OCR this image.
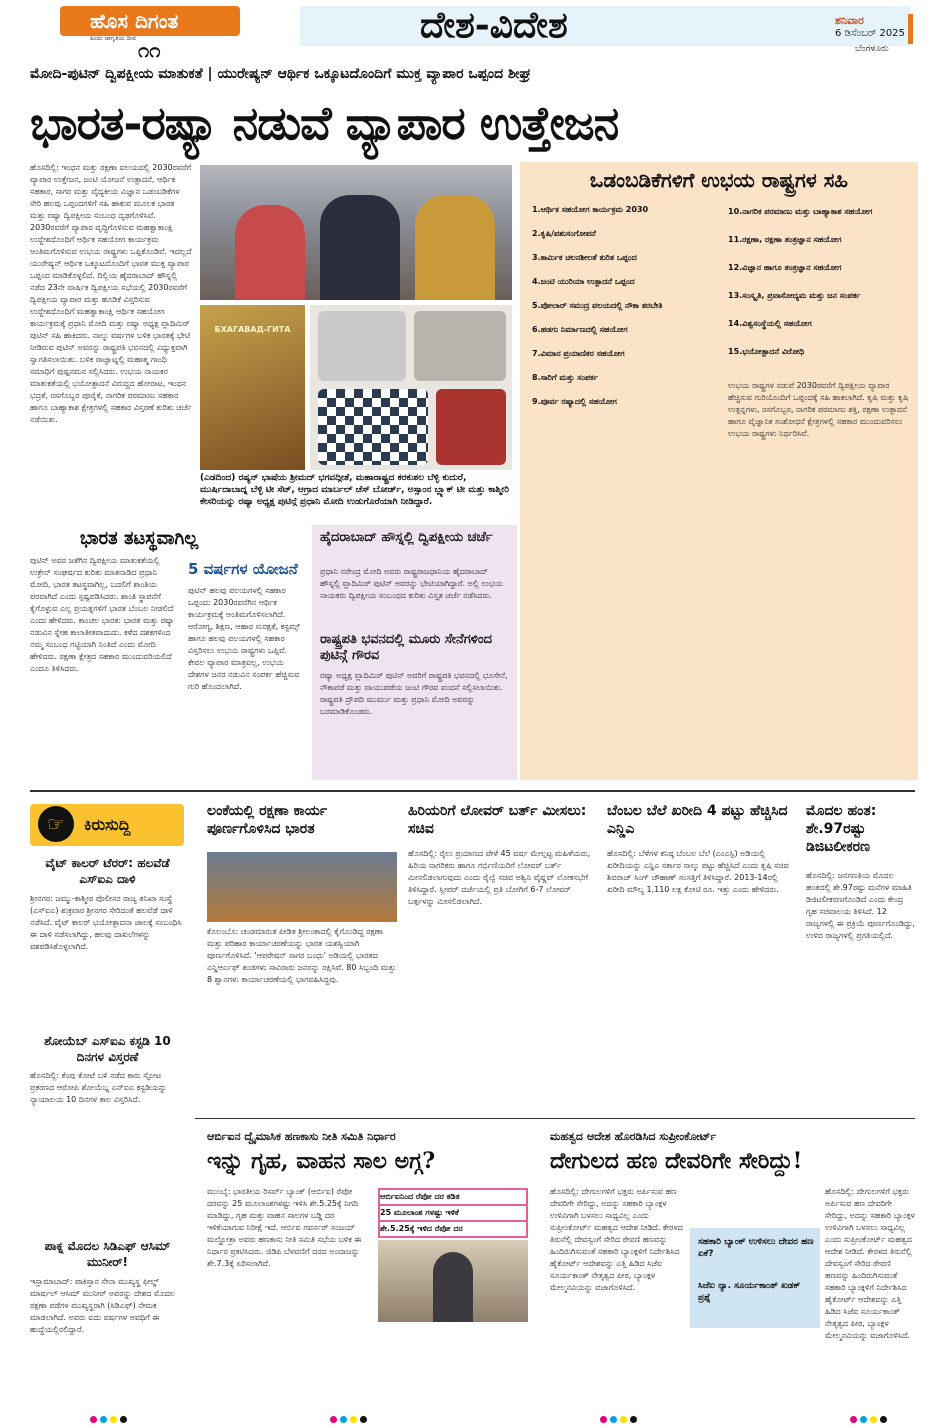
ಹೊಸ ದಿಗಂತ
ಹಿಂದು ಜಾಗೃತಿಯ ದೀಪ ೧೧
ದೇಶ-ವಿದೇಶ	ಶನಿವಾರ
6 ಡಿಸೆಂಬರ್ 2025
ಬೆಂಗಳೂರು
ಮೋದಿ-ಪುಟಿನ್ ದ್ವಿಪಕ್ಷೀಯ ಮಾತುಕತೆ | ಯುರೇಷ್ಯನ್ ಆರ್ಥಿಕ ಒಕ್ಕೂಟದೊಂದಿಗೆ ಮುಕ್ತ ವ್ಯಾಪಾರ ಒಪ್ಪಂದ ಶೀಘ್ರ
ಭಾರತ-ರಷ್ಯಾ ನಡುವೆ ವ್ಯಾಪಾರ ಉತ್ತೇಜನ
ಹೊಸದಿಲ್ಲಿ: ಇಂಧನ ಮತ್ತು ರಕ್ಷಣಾ ವಲಯದಲ್ಲಿ 2030ರವರೆಗೆ ವ್ಯಾಪಾರ ಉತ್ತೇಜನ, ಜಂಟಿ ಯೋಜನೆ ಉತ್ಪಾದನೆ, ಆರ್ಥಿಕ ಸಹಕಾರ, ಸಾಗರ ಮತ್ತು ವೈದ್ಯಕೀಯ ವಿಜ್ಞಾನ ಒಡಂಬಡಿಕೆಗಳ ಸೇರಿ ಹಲವು ಒಪ್ಪಂದಗಳಿಗೆ ಸಹಿ ಹಾಕುವ ಮೂಲಕ ಭಾರತ ಮತ್ತು ರಷ್ಯಾ ದ್ವಿಪಕ್ಷೀಯ ಸಂಬಂಧ ದೃಢಗೊಳಿಸಿವೆ. 2030ರವರೆಗೆ ವ್ಯಾಪಾರ ವೃದ್ಧಿಗೊಳಿಸುವ ಮಹತ್ವಾಕಾಂಕ್ಷಿ ಉದ್ದೇಶದೊಂದಿಗೆ ಆರ್ಥಿಕ ಸಹಯೋಗ ಕಾರ್ಯಕ್ರಮ ಅಂತಿಮಗೊಳಿಸುವ ಉಭಯ ರಾಷ್ಟ್ರಗಳು ಒಪ್ಪಿಕೊಂಡಿವೆ. ಇದಲ್ಲದೆ ಯುರೇಷ್ಯನ್ ಆರ್ಥಿಕ ಒಕ್ಕೂಟದೊಂದಿಗೆ ಭಾರತ ಮುಕ್ತ ವ್ಯಾಪಾರ ಒಪ್ಪಂದ ಮಾಡಿಕೊಳ್ಳಲಿದೆ. ದಿಲ್ಲಿಯ ಹೈದರಾಬಾದ್ ಹೌಸ್ನಲ್ಲಿ ನಡೆದ 23ನೇ ವಾರ್ಷಿಕ ದ್ವಿಪಕ್ಷೀಯ ಸಭೆಯಲ್ಲಿ 2030ರವರೆಗೆ ದ್ವಿಪಕ್ಷೀಯ ವ್ಯಾಪಾರ ಮತ್ತು ಹೂಡಿಕೆ ವಿಸ್ತರಿಸುವ ಉದ್ದೇಶದೊಂದಿಗೆ ಮಹತ್ವಾಕಾಂಕ್ಷಿ ಆರ್ಥಿಕ ಸಹಯೋಗ ಕಾರ್ಯಕ್ರಮಕ್ಕೆ ಪ್ರಧಾನಿ ಮೋದಿ ಮತ್ತು ರಷ್ಯಾ ಅಧ್ಯಕ್ಷ ವ್ಲಾದಿಮಿರ್ ಪುಟಿನ್ ಸಹಿ ಹಾಕಿದರು. ನಾಲ್ಕು ವರ್ಷಗಳ ಬಳಿಕ ಭಾರತಕ್ಕೆ ಭೇಟಿ ನೀಡಿರುವ ಪುಟಿನ್ ಅವರನ್ನು ರಾಷ್ಟ್ರಪತಿ ಭವನದಲ್ಲಿ ವಿಧ್ಯುಕ್ತವಾಗಿ ಸ್ವಾಗತಿಸಲಾಯಿತು. ಬಳಿಕ ರಾಜ್ಘಾಟ್ನಲ್ಲಿ ಮಹಾತ್ಮ ಗಾಂಧಿ ಸಮಾಧಿಗೆ ಪುಷ್ಪನಮನ ಸಲ್ಲಿಸಿದರು. ಉಭಯ ನಾಯಕರ ಮಾತುಕತೆಯಲ್ಲಿ ಭಯೋತ್ಪಾದನೆ ವಿರುದ್ಧದ ಹೋರಾಟ, ಇಂಧನ ಭದ್ರತೆ, ರಸಗೊಬ್ಬರ ಪೂರೈಕೆ, ನಾಗರಿಕ ಪರಮಾಣು ಸಹಕಾರ ಹಾಗೂ ಬಾಹ್ಯಾಕಾಶ ಕ್ಷೇತ್ರಗಳಲ್ಲಿ ಸಹಕಾರ ವಿಸ್ತರಣೆ ಕುರಿತು ಚರ್ಚೆ ನಡೆಯಿತು.
БХАГАВАД-ГИТА
(ಎಡದಿಂದ) ರಷ್ಯನ್ ಭಾಷೆಯ ಶ್ರೀಮದ್ ಭಗವದ್ಗೀತೆ, ಮಹಾರಾಷ್ಟ್ರದ ಕರಕುಶಲ ಬೆಳ್ಳಿ ಕುದುರೆ, ಮುರ್ಷಿದಾಬಾದ್ನ ಬೆಳ್ಳಿ ಟೀ ಸೆಟ್, ಆಗ್ರಾದ ಮಾರ್ಬಲ್ ಚೆಸ್ ಬೋರ್ಡ್, ಅಸ್ಸಾಂನ ಬ್ಲ್ಯಾಕ್ ಟೀ ಮತ್ತು ಕಾಶ್ಮೀರಿ ಕೇಸರಿಯನ್ನು ರಷ್ಯಾ ಅಧ್ಯಕ್ಷ ಪುಟಿನ್ಗೆ ಪ್ರಧಾನಿ ಮೋದಿ ಉಡುಗೊರೆಯಾಗಿ ನೀಡಿದ್ದಾರೆ.
ಒಡಂಬಡಿಕೆಗಳಿಗೆ ಉಭಯ ರಾಷ್ಟ್ರಗಳ ಸಹಿ
1.ಆರ್ಥಿಕ ಸಹಯೋಗ ಕಾರ್ಯಕ್ರಮ 2030
2.ಕೃಷಿ/ಪಶುಸಂಗೋಪನೆ
3.ಕಾರ್ಮಿಕ ಚಲನಶೀಲತೆ ಕುರಿತ ಒಪ್ಪಂದ
4.ಜಂಟಿ ಯುರಿಯಾ ಉತ್ಪಾದನೆ ಒಪ್ಪಂದ
5.ಪೋಲಾರ್ ಸಮುದ್ರ ವಲಯದಲ್ಲಿ ನೌಕಾ ತರಬೇತಿ
6.ಹಡಗು ನಿರ್ಮಾಣದಲ್ಲಿ ಸಹಯೋಗ
7.ವಿಮಾನ ಪ್ರಯಾಣಿಕರ ಸಹಯೋಗ
8.ಸಾರಿಗೆ ಮತ್ತು ಸಂಪರ್ಕ
9.ಪೂರ್ವ ರಷ್ಯಾದಲ್ಲಿ ಸಹಯೋಗ
10.ನಾಗರಿಕ ಪರಮಾಣು ಮತ್ತು ಬಾಹ್ಯಾಕಾಶ ಸಹಯೋಗ
11.ರಕ್ಷಣಾ, ರಕ್ಷಣಾ ತಂತ್ರಜ್ಞಾನ ಸಹಯೋಗ
12.ವಿಜ್ಞಾನ ಹಾಗೂ ತಂತ್ರಜ್ಞಾನ ಸಹಯೋಗ
13.ಸಂಸ್ಕೃತಿ, ಪ್ರವಾಸೋದ್ಯಮ ಮತ್ತು ಜನ ಸಂಪರ್ಕ
14.ವಿಶ್ವಸಂಸ್ಥೆಯಲ್ಲಿ ಸಹಯೋಗ
15.ಭಯೋತ್ಪಾದನೆ ವಿರೋಧಿ
ಉಭಯ ರಾಷ್ಟ್ರಗಳ ನಡುವೆ 2030ರವರೆಗೆ ದ್ವಿಪಕ್ಷೀಯ ವ್ಯಾಪಾರ ಹೆಚ್ಚಿಸುವ ಗುರಿಯೊಂದಿಗೆ ಒಪ್ಪಂದಕ್ಕೆ ಸಹಿ ಹಾಕಲಾಗಿದೆ. ಕೃಷಿ ಮತ್ತು ಕೃಷಿ ಉತ್ಪನ್ನಗಳು, ರಸಗೊಬ್ಬರ, ನಾಗರಿಕ ಪರಮಾಣು ಶಕ್ತಿ, ರಕ್ಷಣಾ ಉತ್ಪಾದನೆ ಹಾಗೂ ವೈಜ್ಞಾನಿಕ ಸಂಶೋಧನೆ ಕ್ಷೇತ್ರಗಳಲ್ಲಿ ಸಹಕಾರ ಮುಂದುವರಿಸಲು ಉಭಯ ರಾಷ್ಟ್ರಗಳು ನಿರ್ಧರಿಸಿವೆ.
ಭಾರತ ತಟಸ್ಥವಾಗಿಲ್ಲ
ಪುಟಿನ್ ಅವರ ಜತೆಗಿನ ದ್ವಿಪಕ್ಷೀಯ ಮಾತುಕತೆಯಲ್ಲಿ ಉಕ್ರೇನ್ ಸಂಘರ್ಷದ ಕುರಿತು ಮಾತನಾಡಿದ ಪ್ರಧಾನಿ ಮೋದಿ, ಭಾರತ ತಟಸ್ಥವಾಗಿಲ್ಲ, ಬದಲಿಗೆ ಶಾಂತಿಯ ಪರವಾಗಿದೆ ಎಂದು ಸ್ಪಷ್ಟಪಡಿಸಿದರು. ಶಾಂತಿ ಸ್ಥಾಪನೆಗೆ ಕೈಗೊಳ್ಳುವ ಎಲ್ಲ ಪ್ರಯತ್ನಗಳಿಗೆ ಭಾರತ ಬೆಂಬಲ ನೀಡಲಿದೆ ಎಂದು ಹೇಳಿದರು. ಕಾಂಚಲ ಭಾರತ: ಭಾರತ ಮತ್ತು ರಷ್ಯಾ ನಡುವಿನ ಸ್ನೇಹ ಕಾಲಾತೀತವಾದುದು. ಕಳೆದ ದಶಕಗಳಿಂದ ನಮ್ಮ ಸಂಬಂಧ ಗಟ್ಟಿಯಾಗಿ ನಿಂತಿದೆ ಎಂದು ಮೋದಿ ಹೇಳಿದರು. ರಕ್ಷಣಾ ಕ್ಷೇತ್ರದ ಸಹಕಾರ ಮುಂದುವರಿಯಲಿದೆ ಎಂದೂ ತಿಳಿಸಿದರು.
5 ವರ್ಷಗಳ ಯೋಜನೆ
ಪುಟಿನ್ ಹಲವು ವಲಯಗಳಲ್ಲಿ ಸಹಕಾರ ಒಪ್ಪಂದ: 2030ರವರೆಗಿನ ಆರ್ಥಿಕ ಕಾರ್ಯಕ್ರಮಕ್ಕೆ ಅಂತಿಮಗೊಳಿಸಲಾಗಿದೆ. ಆರೋಗ್ಯ, ಶಿಕ್ಷಣ, ಆಹಾರ ಸುರಕ್ಷತೆ, ಕಸ್ಟಮ್ಸ್ ಹಾಗೂ ಹಲವು ವಲಯಗಳಲ್ಲಿ ಸಹಕಾರ ವಿಸ್ತರಿಸಲು ಉಭಯ ರಾಷ್ಟ್ರಗಳು ಒಪ್ಪಿವೆ. ಕೇವಲ ವ್ಯಾಪಾರ ಮಾತ್ರವಲ್ಲ, ಉಭಯ ದೇಶಗಳ ಜನರ ನಡುವಿನ ಸಂಪರ್ಕ ಹೆಚ್ಚಿಸುವ ಗುರಿ ಹೊಂದಲಾಗಿದೆ.
ಹೈದರಾಬಾದ್ ಹೌಸ್ನಲ್ಲಿ ದ್ವಿಪಕ್ಷೀಯ ಚರ್ಚೆ
ಪ್ರಧಾನಿ ನರೇಂದ್ರ ಮೋದಿ ಅವರು ರಾಷ್ಟ್ರರಾಜಧಾನಿಯ ಹೈದರಾಬಾದ್ ಹೌಸ್ನಲ್ಲಿ ವ್ಲಾದಿಮಿರ್ ಪುಟಿನ್ ಅವರನ್ನು ಭೇಟಿಯಾಗಿದ್ದಾರೆ. ಅಲ್ಲಿ ಉಭಯ ನಾಯಕರು ದ್ವಿಪಕ್ಷೀಯ ಸಂಬಂಧದ ಕುರಿತು ವಿಸ್ತೃತ ಚರ್ಚೆ ನಡೆಸಿದರು.
ರಾಷ್ಟ್ರಪತಿ ಭವನದಲ್ಲಿ ಮೂರು ಸೇನೆಗಳಿಂದ ಪುಟಿನ್ಗೆ ಗೌರವ
ರಷ್ಯಾ ಅಧ್ಯಕ್ಷ ವ್ಲಾದಿಮಿರ್ ಪುಟಿನ್ ಅವರಿಗೆ ರಾಷ್ಟ್ರಪತಿ ಭವನದಲ್ಲಿ ಭೂಸೇನೆ, ನೌಕಾಪಡೆ ಮತ್ತು ವಾಯುಪಡೆಯ ಜಂಟಿ ಗೌರವ ವಂದನೆ ಸಲ್ಲಿಸಲಾಯಿತು. ರಾಷ್ಟ್ರಪತಿ ದ್ರೌಪದಿ ಮುರ್ಮು ಮತ್ತು ಪ್ರಧಾನಿ ಮೋದಿ ಅವರನ್ನು ಬರಮಾಡಿಕೊಂಡರು.
☞	ಕಿರುಸುದ್ದಿ
ವೈಟ್ ಕಾಲರ್ ಟೆರರ್: ಹಲವೆಡೆ ಎಸ್ಐಎ ದಾಳಿ
ಶ್ರೀನಗರ: ಜಮ್ಮು-ಕಾಶ್ಮೀರ ಪೊಲೀಸರ ರಾಜ್ಯ ತನಿಖಾ ಸಂಸ್ಥೆ (ಎಸ್ಐಎ) ಶುಕ್ರವಾರ ಶ್ರೀನಗರ ಸೇರಿದಂತೆ ಹಲವೆಡೆ ದಾಳಿ ನಡೆಸಿದೆ. ವೈಟ್ ಕಾಲರ್ ಭಯೋತ್ಪಾದನಾ ಜಾಲಕ್ಕೆ ಸಂಬಂಧಿಸಿ ಈ ದಾಳಿ ನಡೆಸಲಾಗಿದ್ದು, ಹಲವು ದಾಖಲೆಗಳನ್ನು ವಶಪಡಿಸಿಕೊಳ್ಳಲಾಗಿದೆ.
ಶೋಯೆಬ್ ಎಸ್ಐಎ ಕಸ್ಟಡಿ 10 ದಿನಗಳ ವಿಸ್ತರಣೆ
ಹೊಸದಿಲ್ಲಿ: ಕೆಂಪು ಕೋಟೆ ಬಳಿ ನಡೆದ ಕಾರು ಸ್ಫೋಟ ಪ್ರಕರಣದ ಆರೋಪಿ ಶೋಯೆಬ್ನ ಎನ್ಐಎ ಕಸ್ಟಡಿಯನ್ನು ನ್ಯಾಯಾಲಯ 10 ದಿನಗಳ ಕಾಲ ವಿಸ್ತರಿಸಿದೆ.
ಪಾಕ್ನ ಮೊದಲ ಸಿಡಿಎಫ್ ಆಸಿಮ್ ಮುನೀರ್!
ಇಸ್ಲಾಮಾಬಾದ್: ಪಾಕಿಸ್ತಾನ ಸೇನಾ ಮುಖ್ಯಸ್ಥ ಫೀಲ್ಡ್ ಮಾರ್ಷಲ್ ಆಸಿಮ್ ಮುನೀರ್ ಅವರನ್ನು ದೇಶದ ಮೊದಲ ರಕ್ಷಣಾ ಪಡೆಗಳ ಮುಖ್ಯಸ್ಥರಾಗಿ (ಸಿಡಿಎಫ್) ನೇಮಕ ಮಾಡಲಾಗಿದೆ. ಅವರು ಐದು ವರ್ಷಗಳ ಅವಧಿಗೆ ಈ ಹುದ್ದೆಯಲ್ಲಿರಲಿದ್ದಾರೆ.
ಲಂಕೆಯಲ್ಲಿ ರಕ್ಷಣಾ ಕಾರ್ಯ ಪೂರ್ಣಗೊಳಿಸಿದ ಭಾರತ
ಕೊಲಂಬೊ: ಚಂಡಮಾರುತ ಪೀಡಿತ ಶ್ರೀಲಂಕಾದಲ್ಲಿ ಕೈಗೊಂಡಿದ್ದ ರಕ್ಷಣಾ ಮತ್ತು ಪರಿಹಾರ ಕಾರ್ಯಾಚರಣೆಯನ್ನು ಭಾರತ ಯಶಸ್ವಿಯಾಗಿ ಪೂರ್ಣಗೊಳಿಸಿದೆ. 'ಆಪರೇಷನ್ ಸಾಗರ ಬಂಧು' ಅಡಿಯಲ್ಲಿ ಭಾರತದ ಎನ್ಡಿಆರ್ಎಫ್ ತಂಡಗಳು ಸಾವಿರಾರು ಜನರನ್ನು ರಕ್ಷಿಸಿವೆ. 80 ಸಿಬ್ಬಂದಿ ಮತ್ತು 8 ಶ್ವಾನಗಳು ಕಾರ್ಯಾಚರಣೆಯಲ್ಲಿ ಭಾಗವಹಿಸಿದ್ದವು.
ಹಿರಿಯರಿಗೆ ಲೋವರ್ ಬರ್ತ್ ಮೀಸಲು: ಸಚಿವ
ಹೊಸದಿಲ್ಲಿ: ರೈಲು ಪ್ರಯಾಣದ ವೇಳೆ 45 ವರ್ಷ ಮೇಲ್ಪಟ್ಟ ಮಹಿಳೆಯರು, ಹಿರಿಯ ನಾಗರಿಕರು ಹಾಗೂ ಗರ್ಭಿಣಿಯರಿಗೆ ಲೋವರ್ ಬರ್ತ್ ಮೀಸಲಿಡಲಾಗುವುದು ಎಂದು ರೈಲ್ವೆ ಸಚಿವ ಅಶ್ವಿನಿ ವೈಷ್ಣವ್ ಲೋಕಸಭೆಗೆ ತಿಳಿಸಿದ್ದಾರೆ. ಸ್ಲೀಪರ್ ದರ್ಜೆಯಲ್ಲಿ ಪ್ರತಿ ಬೋಗಿಗೆ 6-7 ಲೋವರ್ ಬರ್ತ್ಗಳನ್ನು ಮೀಸಲಿಡಲಾಗಿದೆ.
ಬೆಂಬಲ ಬೆಲೆ ಖರೀದಿ 4 ಪಟ್ಟು ಹೆಚ್ಚಿಸಿದ ಎನ್ಡಿಎ
ಹೊಸದಿಲ್ಲಿ: ಬೆಳೆಗಳ ಕನಿಷ್ಠ ಬೆಂಬಲ ಬೆಲೆ (ಎಂಎಸ್ಪಿ) ಅಡಿಯಲ್ಲಿ ಖರೀದಿಯನ್ನು ಎನ್ಡಿಎ ಸರ್ಕಾರ ನಾಲ್ಕು ಪಟ್ಟು ಹೆಚ್ಚಿಸಿದೆ ಎಂದು ಕೃಷಿ ಸಚಿವ ಶಿವರಾಜ್ ಸಿಂಗ್ ಚೌಹಾಣ್ ಸಂಸತ್ತಿಗೆ ತಿಳಿಸಿದ್ದಾರೆ. 2013-14ರಲ್ಲಿ ಖರೀದಿ ಮೌಲ್ಯ 1,110 ಲಕ್ಷ ಕೋಟಿ ರೂ. ಇತ್ತು ಎಂದು ಹೇಳಿದರು.
ಮೊದಲ ಹಂತ: ಶೇ.97ರಷ್ಟು ಡಿಜಿಟಲೀಕರಣ
ಹೊಸದಿಲ್ಲಿ: ಜನಗಣತಿಯ ಮೊದಲ ಹಂತದಲ್ಲಿ ಶೇ.97ರಷ್ಟು ಮನೆಗಳ ಮಾಹಿತಿ ಡಿಜಿಟಲೀಕರಣಗೊಂಡಿದೆ ಎಂದು ಕೇಂದ್ರ ಗೃಹ ಸಚಿವಾಲಯ ತಿಳಿಸಿದೆ. 12 ರಾಜ್ಯಗಳಲ್ಲಿ ಈ ಪ್ರಕ್ರಿಯೆ ಪೂರ್ಣಗೊಂಡಿದ್ದು, ಉಳಿದ ರಾಜ್ಯಗಳಲ್ಲಿ ಪ್ರಗತಿಯಲ್ಲಿದೆ.
ಆರ್ಬಿಐನ ದ್ವೈಮಾಸಿಕ ಹಣಕಾಸು ನೀತಿ ಸಮಿತಿ ನಿರ್ಧಾರ
ಇನ್ನು ಗೃಹ, ವಾಹನ ಸಾಲ ಅಗ್ಗ?
ಮುಂಬೈ: ಭಾರತೀಯ ರಿಸರ್ವ್ ಬ್ಯಾಂಕ್ (ಆರ್ಬಿಐ) ರೆಪೋ ದರವನ್ನು 25 ಮೂಲಾಂಶಗಳಷ್ಟು ಇಳಿಸಿ ಶೇ.5.25ಕ್ಕೆ ನಿಗದಿ ಮಾಡಿದ್ದು, ಗೃಹ ಮತ್ತು ವಾಹನ ಸಾಲಗಳ ಬಡ್ಡಿ ದರ ಇಳಿಕೆಯಾಗುವ ನಿರೀಕ್ಷೆ ಇದೆ. ಆರ್ಬಿಐ ಗವರ್ನರ್ ಸಂಜಯ್ ಮಲ್ಹೋತ್ರಾ ಅವರು ಹಣಕಾಸು ನೀತಿ ಸಮಿತಿ ಸಭೆಯ ಬಳಿಕ ಈ ನಿರ್ಧಾರ ಪ್ರಕಟಿಸಿದರು. ಜಿಡಿಪಿ ಬೆಳವಣಿಗೆ ದರದ ಅಂದಾಜನ್ನು ಶೇ.7.3ಕ್ಕೆ ಏರಿಸಲಾಗಿದೆ.
ಆರ್ಬಿಐನಿಂದ ರೆಪೋ ದರ ಕಡಿತ
25 ಮೂಲಾಂಶ ಗಳಷ್ಟು ಇಳಿಕೆ
ಶೇ.5.25ಕ್ಕೆ ಇಳಿದ ರೆಪೋ ದರ
ಮಹತ್ವದ ಆದೇಶ ಹೊರಡಿಸಿದ ಸುಪ್ರೀಂಕೋರ್ಟ್
ದೇಗುಲದ ಹಣ ದೇವರಿಗೇ ಸೇರಿದ್ದು!
ಹೊಸದಿಲ್ಲಿ: ದೇಗುಲಗಳಿಗೆ ಭಕ್ತರು ಅರ್ಪಿಸುವ ಹಣ ದೇವರಿಗೇ ಸೇರಿದ್ದು, ಅದನ್ನು ಸಹಕಾರಿ ಬ್ಯಾಂಕ್ಗಳ ಉಳಿವಿಗಾಗಿ ಬಳಸಲು ಸಾಧ್ಯವಿಲ್ಲ ಎಂದು ಸುಪ್ರೀಂಕೋರ್ಟ್ ಮಹತ್ವದ ಆದೇಶ ನೀಡಿದೆ. ಕೇರಳದ ತಿರುನೆಲ್ಲಿ ದೇವಸ್ವಂಗೆ ಸೇರಿದ ಠೇವಣಿ ಹಣವನ್ನು ಹಿಂದಿರುಗಿಸುವಂತೆ ಸಹಕಾರಿ ಬ್ಯಾಂಕ್ಗಳಿಗೆ ನಿರ್ದೇಶಿಸಿದ ಹೈಕೋರ್ಟ್ ಆದೇಶವನ್ನು ಎತ್ತಿ ಹಿಡಿದ ಸಿಜೆಐ ಸೂರ್ಯಕಾಂತ್ ನೇತೃತ್ವದ ಪೀಠ, ಬ್ಯಾಂಕ್ಗಳ ಮೇಲ್ಮನವಿಯನ್ನು ವಜಾಗೊಳಿಸಿದೆ.
ಸಹಕಾರಿ ಬ್ಯಾಂಕ್ ಉಳಿಸಲು ದೇವರ ಹಣ ಏಕೆ?
ಸಿಜೆಐ ನ್ಯಾ. ಸೂರ್ಯಕಾಂತ್ ಖಡಕ್ ಪ್ರಶ್ನೆ
ಹೊಸದಿಲ್ಲಿ: ದೇಗುಲಗಳಿಗೆ ಭಕ್ತರು ಅರ್ಪಿಸುವ ಹಣ ದೇವರಿಗೇ ಸೇರಿದ್ದು, ಅದನ್ನು ಸಹಕಾರಿ ಬ್ಯಾಂಕ್ಗಳ ಉಳಿವಿಗಾಗಿ ಬಳಸಲು ಸಾಧ್ಯವಿಲ್ಲ ಎಂದು ಸುಪ್ರೀಂಕೋರ್ಟ್ ಮಹತ್ವದ ಆದೇಶ ನೀಡಿದೆ. ಕೇರಳದ ತಿರುನೆಲ್ಲಿ ದೇವಸ್ವಂಗೆ ಸೇರಿದ ಠೇವಣಿ ಹಣವನ್ನು ಹಿಂದಿರುಗಿಸುವಂತೆ ಸಹಕಾರಿ ಬ್ಯಾಂಕ್ಗಳಿಗೆ ನಿರ್ದೇಶಿಸಿದ ಹೈಕೋರ್ಟ್ ಆದೇಶವನ್ನು ಎತ್ತಿ ಹಿಡಿದ ಸಿಜೆಐ ಸೂರ್ಯಕಾಂತ್ ನೇತೃತ್ವದ ಪೀಠ, ಬ್ಯಾಂಕ್ಗಳ ಮೇಲ್ಮನವಿಯನ್ನು ವಜಾಗೊಳಿಸಿದೆ.
